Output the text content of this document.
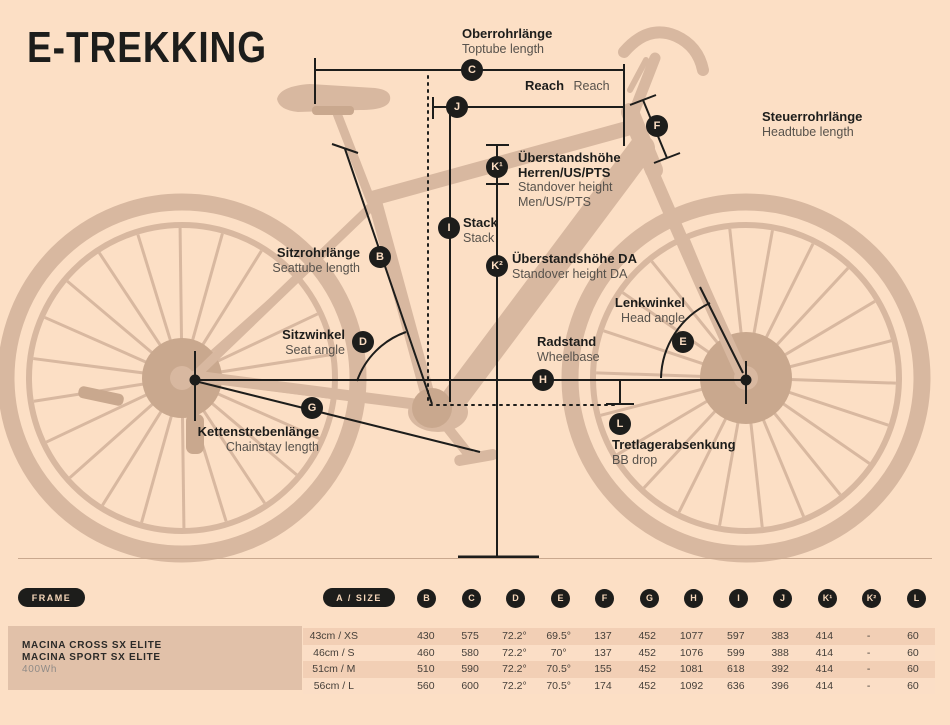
E-TREKKING	Oberrohrlänge
Toptube length
Reach Reach
Steuerrohrlänge
Headtube length
Überstandshöhe
Herren/US/PTS
Standover height
Men/US/PTS
Stack
Stack
Überstandshöhe DA
Standover height DA
Sitzrohrlänge
Seattube length
Sitzwinkel
Seat angle
Lenkwinkel
Head angle
Radstand
Wheelbase
Kettenstrebenlänge
Chainstay length	Tretlagerabsenkung
BB drop
C
J
F
K¹
I
K²
B
D	E
H
G
L
FRAME	A / SIZE	B	C	D	E	F	G	H	I	J	K¹	K²	L
MACINA CROSS SX ELITE
MACINA SPORT SX ELITE
400Wh
43cm / XS	430	575	72.2°	69.5°	137	452	1077	597	383	414	-	60
46cm / S	460	580	72.2°	70°	137	452	1076	599	388	414	-	60
51cm / M	510	590	72.2°	70.5°	155	452	1081	618	392	414	-	60
56cm / L	560	600	72.2°	70.5°	174	452	1092	636	396	414	-	60
